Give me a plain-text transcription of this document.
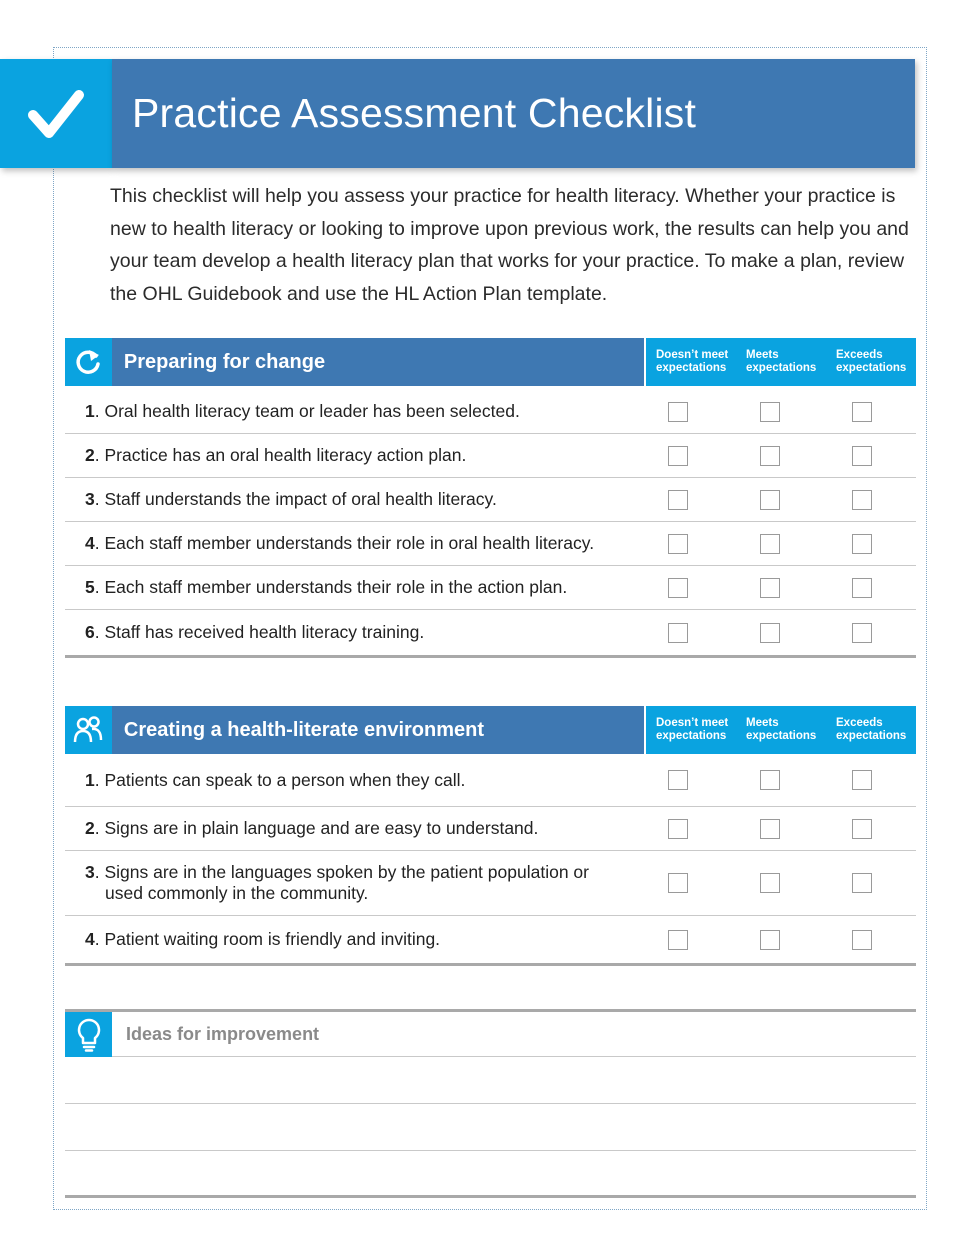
Practice Assessment Checklist

This checklist will help you assess your practice for health literacy. Whether your practice is new to health literacy or looking to improve upon previous work, the results can help you and your team develop a health literacy plan that works for your practice. To make a plan, review the OHL Guidebook and use the HL Action Plan template.

Preparing for change	Doesn’t meet expectations
Meets expectations
Exceeds expectations
1. Oral health literacy team or leader has been selected.
2. Practice has an oral health literacy action plan.
3. Staff understands the impact of oral health literacy.
4. Each staff member understands their role in oral health literacy.
5. Each staff member understands their role in the action plan.
6. Staff has received health literacy training.
Creating a health-literate environment	Doesn’t meet expectations
Meets expectations
Exceeds expectations
1. Patients can speak to a person when they call.
2. Signs are in plain language and are easy to understand.
3. Signs are in the languages spoken by the patient population or
used commonly in the community.
4. Patient waiting room is friendly and inviting.
Ideas for improvement
